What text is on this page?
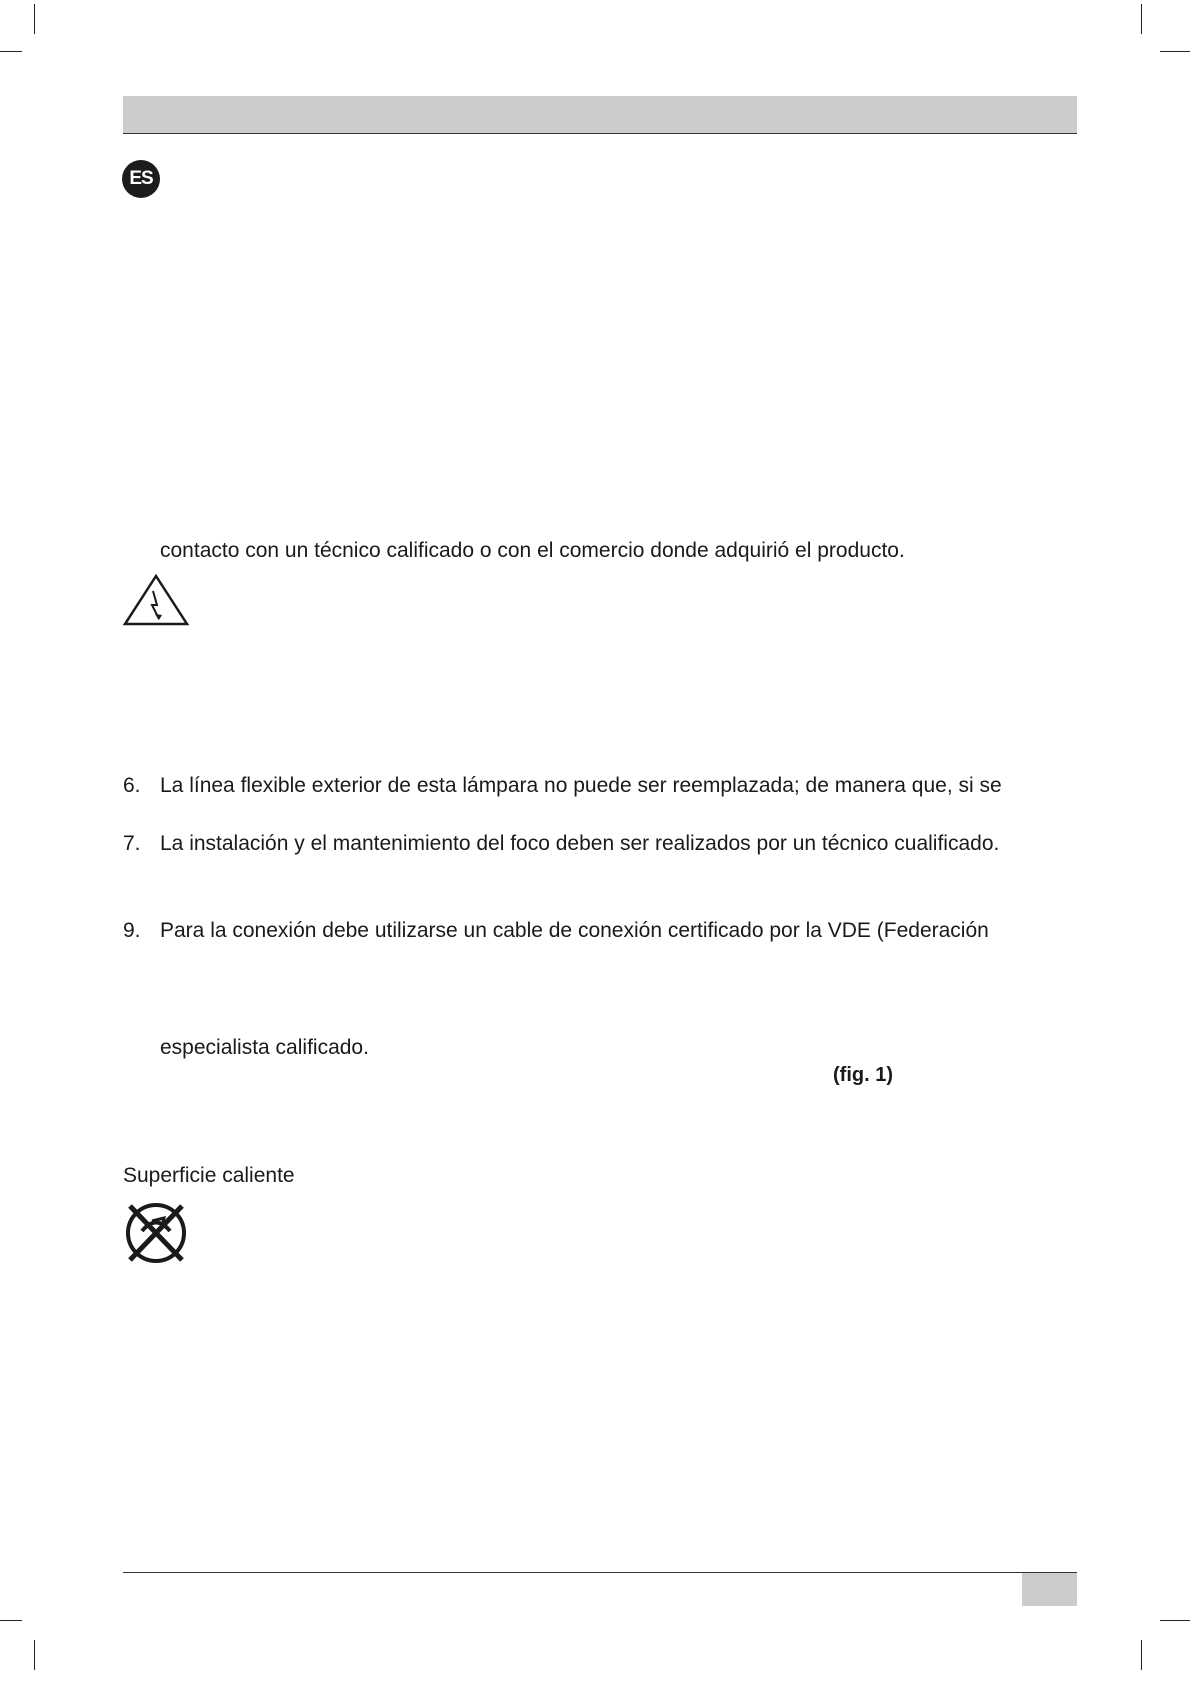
ES
contacto con un técnico calificado o con el comercio donde adquirió el producto.
6. La línea flexible exterior de esta lámpara no puede ser reemplazada; de manera que, si se
7. La instalación y el mantenimiento del foco deben ser realizados por un técnico cualificado.
9. Para la conexión debe utilizarse un cable de conexión certificado por la VDE (Federación
especialista calificado.
(fig. 1)
Superficie caliente
